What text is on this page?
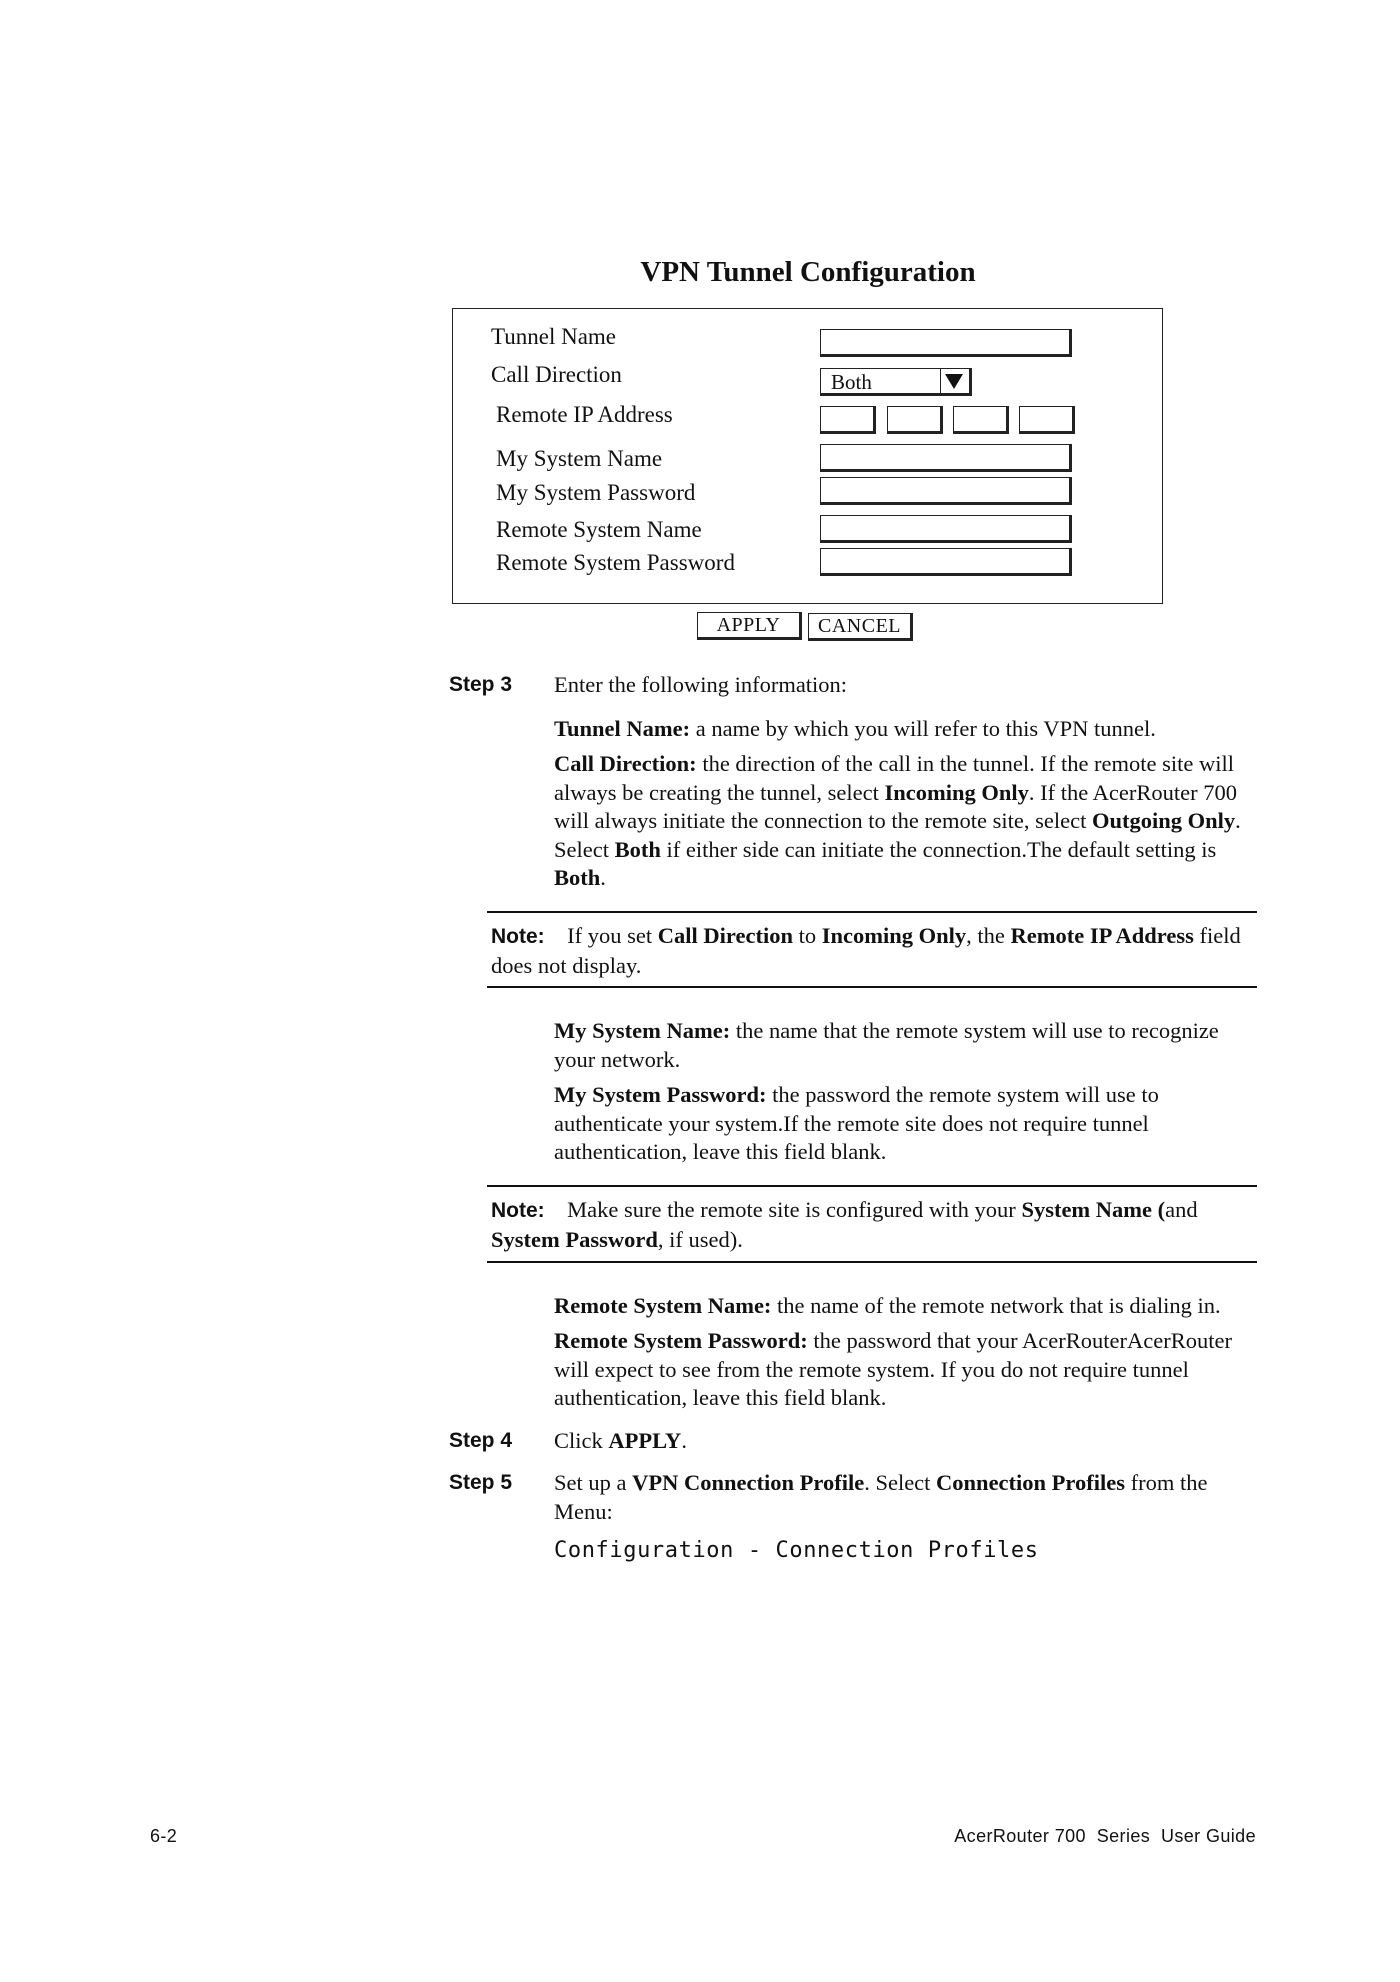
VPN Tunnel Configuration
Tunnel Name
Call Direction	Both
Remote IP Address
My System Name
My System Password
Remote System Name
Remote System Password
APPLY	CANCEL
Step 3 Enter the following information:
Tunnel Name: a name by which you will refer to this VPN tunnel.
Call Direction: the direction of the call in the tunnel. If the remote site will always be creating the tunnel, select Incoming Only. If the AcerRouter 700 will always initiate the connection to the remote site, select Outgoing Only. Select Both if either side can initiate the connection.The default setting is Both.
Note: If you set Call Direction to Incoming Only, the Remote IP Address field does not display.
My System Name: the name that the remote system will use to recognize your network.
My System Password: the password the remote system will use to authenticate your system.If the remote site does not require tunnel authentication, leave this field blank.
Note: Make sure the remote site is configured with your System Name (and System Password, if used).
Remote System Name: the name of the remote network that is dialing in.
Remote System Password: the password that your AcerRouterAcerRouter will expect to see from the remote system. If you do not require tunnel authentication, leave this field blank.
Step 4 Click APPLY.
Step 5 Set up a VPN Connection Profile. Select Connection Profiles from the Menu:
Configuration - Connection Profiles
6-2	AcerRouter 700  Series  User Guide
